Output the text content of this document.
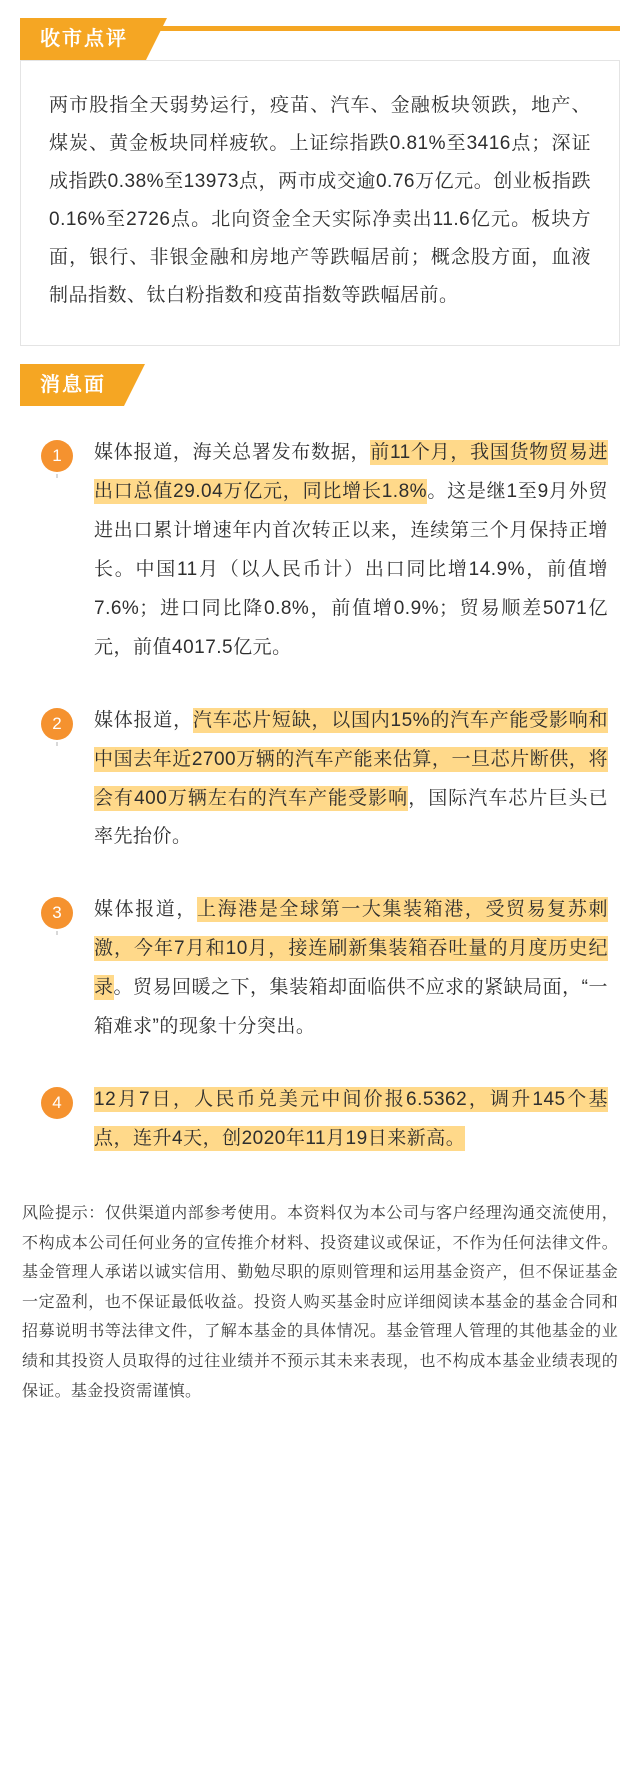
收市点评
两市股指全天弱势运行，疫苗、汽车、金融板块领跌，地产、煤炭、黄金板块同样疲软。上证综指跌0.81%至3416点；深证成指跌0.38%至13973点，两市成交逾0.76万亿元。创业板指跌0.16%至2726点。北向资金全天实际净卖出11.6亿元。板块方面，银行、非银金融和房地产等跌幅居前；概念股方面，血液制品指数、钛白粉指数和疫苗指数等跌幅居前。
消息面
1	媒体报道，海关总署发布数据，前11个月，我国货物贸易进出口总值29.04万亿元，同比增长1.8%。这是继1至9月外贸进出口累计增速年内首次转正以来，连续第三个月保持正增长。中国11月（以人民币计）出口同比增14.9%，前值增7.6%；进口同比降0.8%，前值增0.9%；贸易顺差5071亿元，前值4017.5亿元。
2	媒体报道，汽车芯片短缺，以国内15%的汽车产能受影响和中国去年近2700万辆的汽车产能来估算，一旦芯片断供，将会有400万辆左右的汽车产能受影响，国际汽车芯片巨头已率先抬价。
3	媒体报道，上海港是全球第一大集装箱港，受贸易复苏刺激，今年7月和10月，接连刷新集装箱吞吐量的月度历史纪录。贸易回暖之下，集装箱却面临供不应求的紧缺局面，“一箱难求”的现象十分突出。
4	12月7日，人民币兑美元中间价报6.5362，调升145个基点，连升4天，创2020年11月19日来新高。
风险提示：仅供渠道内部参考使用。本资料仅为本公司与客户经理沟通交流使用，不构成本公司任何业务的宣传推介材料、投资建议或保证，不作为任何法律文件。基金管理人承诺以诚实信用、勤勉尽职的原则管理和运用基金资产，但不保证基金一定盈利，也不保证最低收益。投资人购买基金时应详细阅读本基金的基金合同和招募说明书等法律文件，了解本基金的具体情况。基金管理人管理的其他基金的业绩和其投资人员取得的过往业绩并不预示其未来表现，也不构成本基金业绩表现的保证。基金投资需谨慎。
